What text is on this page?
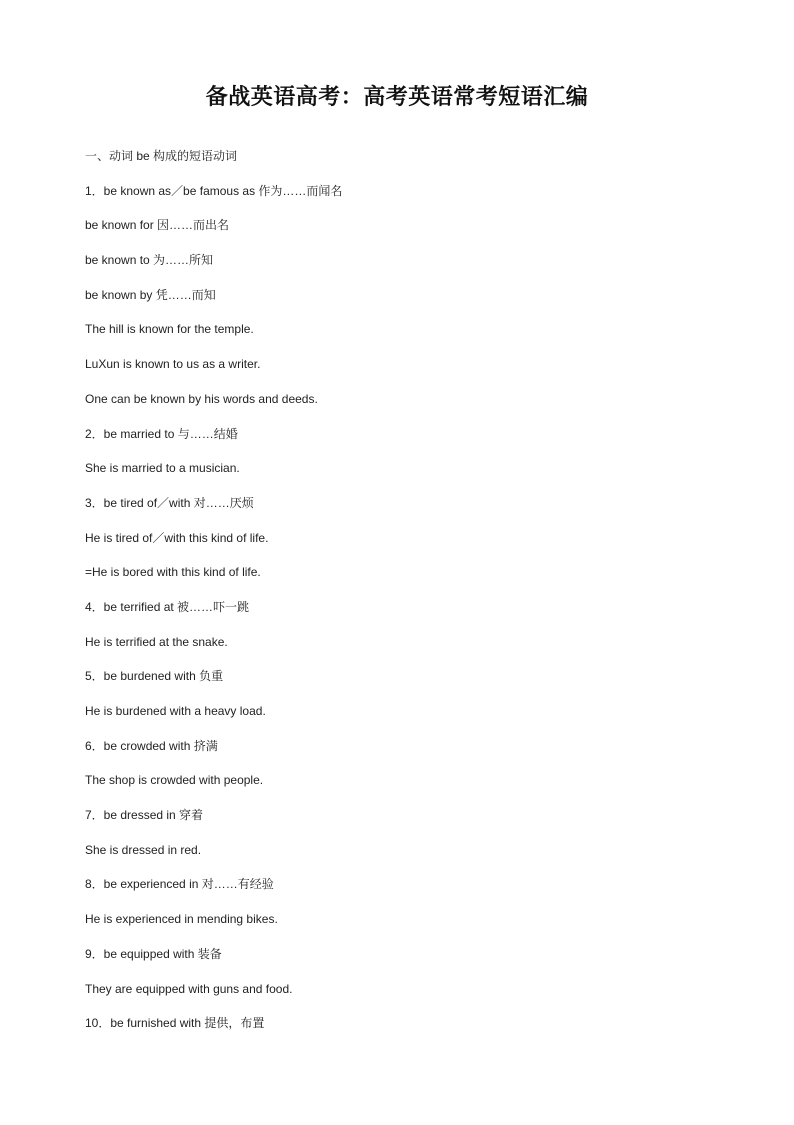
备战英语高考：高考英语常考短语汇编
一、动词 be 构成的短语动词
1．be known as／be famous as 作为……而闻名
be known for 因……而出名
be known to 为……所知
be known by 凭……而知
The hill is known for the temple.
LuXun is known to us as a writer.
One can be known by his words and deeds.
2．be married to 与……结婚
She is married to a musician.
3．be tired of／with 对……厌烦
He is tired of／with this kind of life.
=He is bored with this kind of life.
4．be terrified at 被……吓一跳
He is terrified at the snake.
5．be burdened with 负重
He is burdened with a heavy load.
6．be crowded with 挤满
The shop is crowded with people.
7．be dressed in 穿着
She is dressed in red.
8．be experienced in 对……有经验
He is experienced in mending bikes.
9．be equipped with 装备
They are equipped with guns and food.
10．be furnished with 提供，布置
